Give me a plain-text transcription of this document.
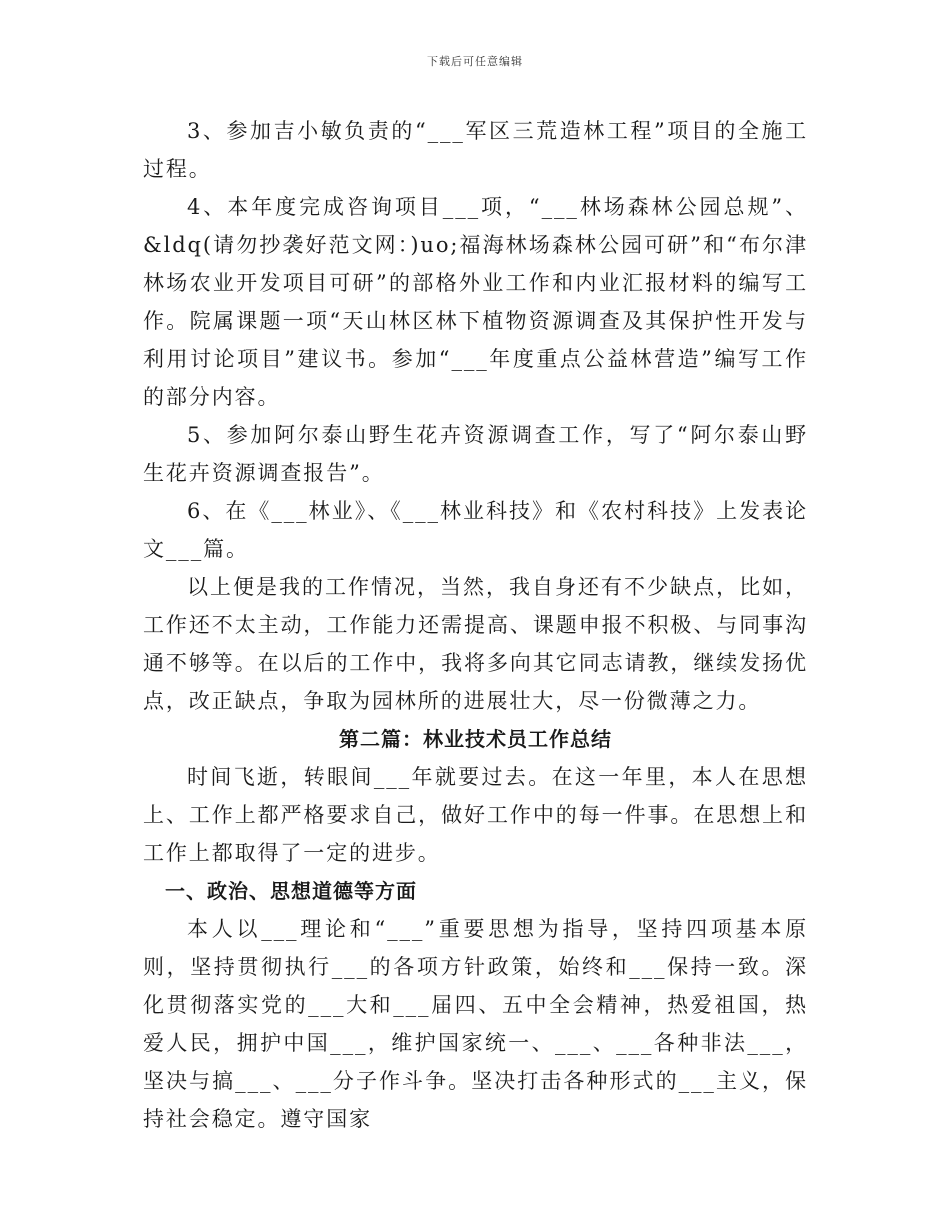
下载后可任意编辑

3、参加吉小敏负责的“___军区三荒造林工程”项目的全施工过程。

4、本年度完成咨询项目___项，“___林场森林公园总规”、&ldq(请勿抄袭好范文网：)uo;福海林场森林公园可研”和“布尔津林场农业开发项目可研”的部格外业工作和内业汇报材料的编写工作。院属课题一项“天山林区林下植物资源调查及其保护性开发与利用讨论项目”建议书。参加“___年度重点公益林营造”编写工作的部分内容。

5、参加阿尔泰山野生花卉资源调查工作，写了“阿尔泰山野生花卉资源调查报告”。

6、在《___林业》、《___林业科技》和《农村科技》上发表论文___篇。

以上便是我的工作情况，当然，我自身还有不少缺点，比如，工作还不太主动，工作能力还需提高、课题申报不积极、与同事沟通不够等。在以后的工作中，我将多向其它同志请教，继续发扬优点，改正缺点，争取为园林所的进展壮大，尽一份微薄之力。

第二篇：林业技术员工作总结

时间飞逝，转眼间___年就要过去。在这一年里，本人在思想上、工作上都严格要求自己，做好工作中的每一件事。在思想上和工作上都取得了一定的进步。

一、政治、思想道德等方面

本人以___理论和“___”重要思想为指导，坚持四项基本原则，坚持贯彻执行___的各项方针政策，始终和___保持一致。深化贯彻落实党的___大和___届四、五中全会精神，热爱祖国，热爱人民，拥护中国___，维护国家统一、___、___各种非法___，坚决与搞___、___分子作斗争。坚决打击各种形式的___主义，保持社会稳定。遵守国家
